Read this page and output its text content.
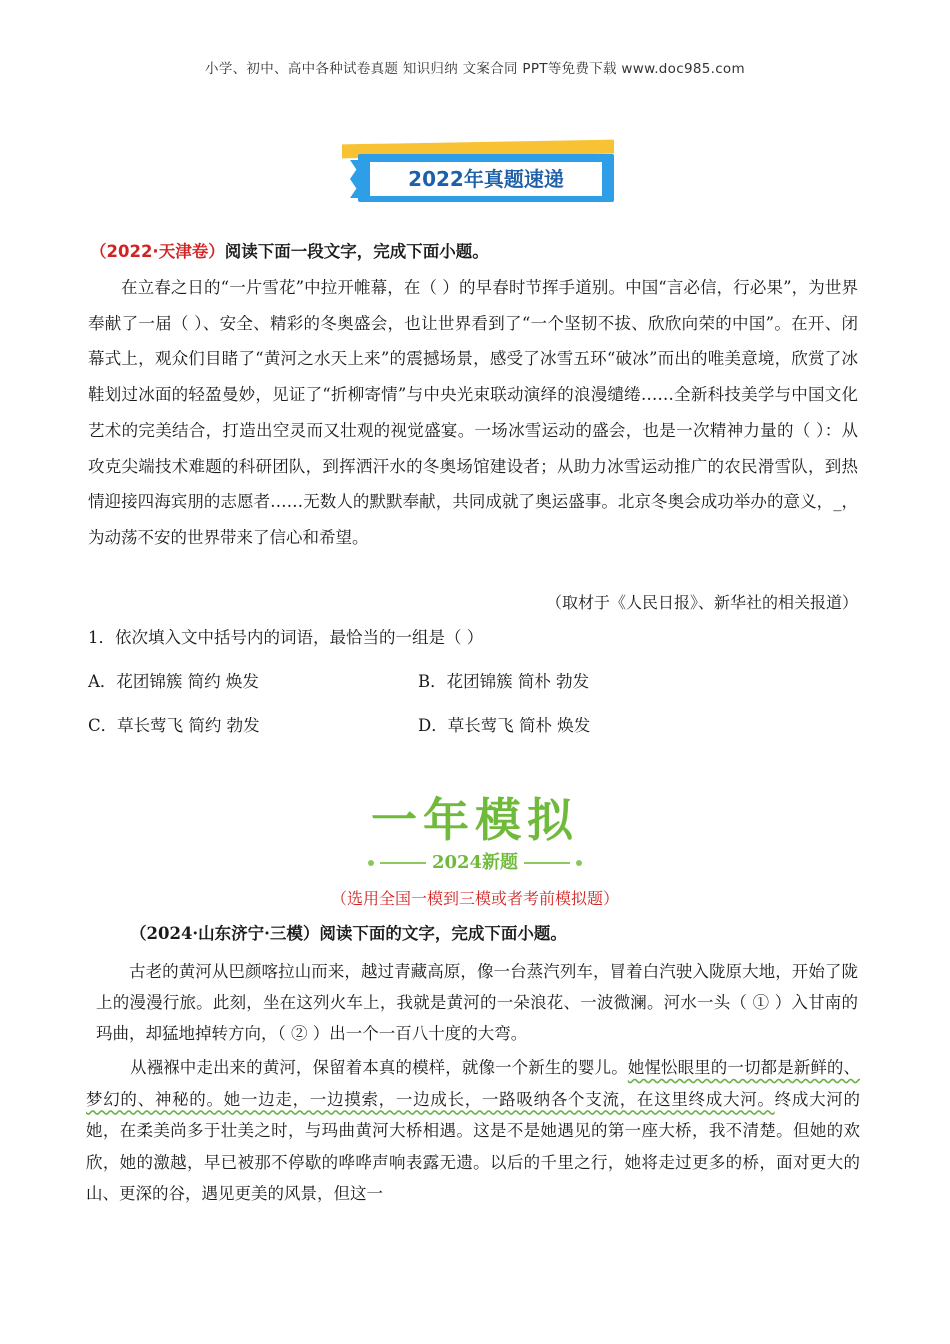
小学、初中、高中各种试卷真题 知识归纳 文案合同 PPT等免费下载 www.doc985.com
2022年真题速递
（2022·天津卷）阅读下面一段文字，完成下面小题。

在立春之日的“一片雪花”中拉开帷幕，在（ ）的早春时节挥手道别。中国“言必信，行必果”，为世界奉献了一届（ ）、安全、精彩的冬奥盛会，也让世界看到了“一个坚韧不拔、欣欣向荣的中国”。在开、闭幕式上，观众们目睹了“黄河之水天上来”的震撼场景，感受了冰雪五环“破冰”而出的唯美意境，欣赏了冰鞋划过冰面的轻盈曼妙，见证了“折柳寄情”与中央光束联动演绎的浪漫缱绻……全新科技美学与中国文化艺术的完美结合，打造出空灵而又壮观的视觉盛宴。一场冰雪运动的盛会，也是一次精神力量的（ ）：从攻克尖端技术难题的科研团队，到挥洒汗水的冬奥场馆建设者；从助力冰雪运动推广的农民滑雪队，到热情迎接四海宾朋的志愿者……无数人的默默奉献，共同成就了奥运盛事。北京冬奥会成功举办的意义，_，为动荡不安的世界带来了信心和希望。

（取材于《人民日报》、新华社的相关报道）
1．依次填入文中括号内的词语，最恰当的一组是（ ）
A．花团锦簇 简约 焕发	B．花团锦簇 简朴 勃发
C．草长莺飞 简约 勃发	D．草长莺飞 简朴 焕发
一年模拟
2024新题
（选用全国一模到三模或者考前模拟题）
（2024·山东济宁·三模）阅读下面的文字，完成下面小题。

古老的黄河从巴颜喀拉山而来，越过青藏高原，像一台蒸汽列车，冒着白汽驶入陇原大地，开始了陇上的漫漫行旅。此刻，坐在这列火车上，我就是黄河的一朵浪花、一波微澜。河水一头（ ① ）入甘南的玛曲，却猛地掉转方向，（ ② ）出一个一百八十度的大弯。

从襁褓中走出来的黄河，保留着本真的模样，就像一个新生的婴儿。她惺忪眼里的一切都是新鲜的、梦幻的、神秘的。她一边走，一边摸索，一边成长，一路吸纳各个支流，在这里终成大河。终成大河的她，在柔美尚多于壮美之时，与玛曲黄河大桥相遇。这是不是她遇见的第一座大桥，我不清楚。但她的欢欣，她的激越，早已被那不停歇的哗哗声响表露无遗。以后的千里之行，她将走过更多的桥，面对更大的山、更深的谷，遇见更美的风景，但这一
